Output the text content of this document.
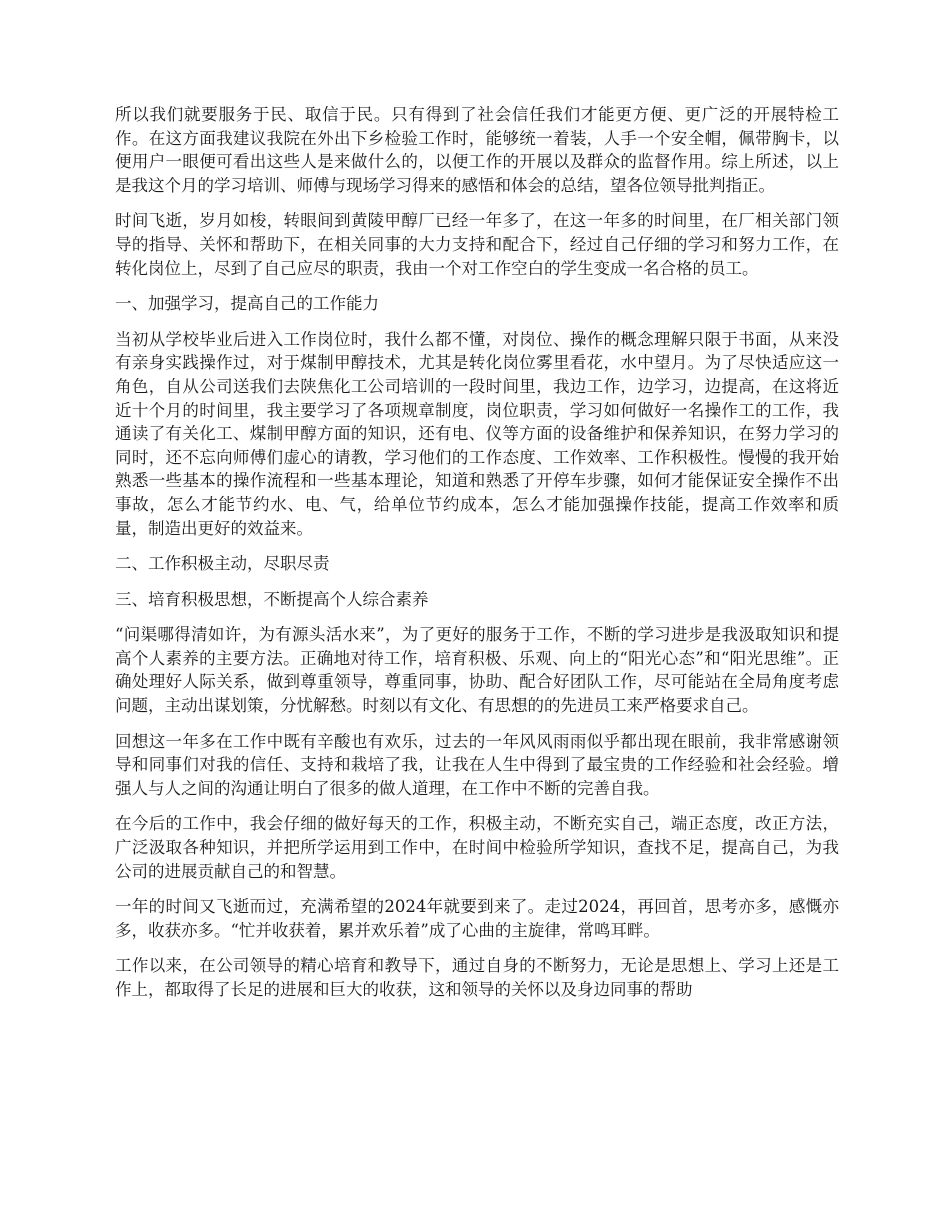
所以我们就要服务于民、取信于民。只有得到了社会信任我们才能更方便、更广泛的开展特检工作。在这方面我建议我院在外出下乡检验工作时，能够统一着装，人手一个安全帽，佩带胸卡，以便用户一眼便可看出这些人是来做什么的，以便工作的开展以及群众的监督作用。综上所述，以上是我这个月的学习培训、师傅与现场学习得来的感悟和体会的总结，望各位领导批判指正。

时间飞逝，岁月如梭，转眼间到黄陵甲醇厂已经一年多了，在这一年多的时间里，在厂相关部门领导的指导、关怀和帮助下，在相关同事的大力支持和配合下，经过自己仔细的学习和努力工作，在转化岗位上，尽到了自己应尽的职责，我由一个对工作空白的学生变成一名合格的员工。

一、加强学习，提高自己的工作能力

当初从学校毕业后进入工作岗位时，我什么都不懂，对岗位、操作的概念理解只限于书面，从来没有亲身实践操作过，对于煤制甲醇技术，尤其是转化岗位雾里看花，水中望月。为了尽快适应这一角色，自从公司送我们去陕焦化工公司培训的一段时间里，我边工作，边学习，边提高，在这将近近十个月的时间里，我主要学习了各项规章制度，岗位职责，学习如何做好一名操作工的工作，我通读了有关化工、煤制甲醇方面的知识，还有电、仪等方面的设备维护和保养知识，在努力学习的同时，还不忘向师傅们虚心的请教，学习他们的工作态度、工作效率、工作积极性。慢慢的我开始熟悉一些基本的操作流程和一些基本理论，知道和熟悉了开停车步骤，如何才能保证安全操作不出事故，怎么才能节约水、电、气，给单位节约成本，怎么才能加强操作技能，提高工作效率和质量，制造出更好的效益来。

二、工作积极主动，尽职尽责

三、培育积极思想，不断提高个人综合素养

“问渠哪得清如许，为有源头活水来”，为了更好的服务于工作，不断的学习进步是我汲取知识和提高个人素养的主要方法。正确地对待工作，培育积极、乐观、向上的“阳光心态”和“阳光思维”。正确处理好人际关系，做到尊重领导，尊重同事，协助、配合好团队工作，尽可能站在全局角度考虑问题，主动出谋划策，分忧解愁。时刻以有文化、有思想的的先进员工来严格要求自己。

回想这一年多在工作中既有辛酸也有欢乐，过去的一年风风雨雨似乎都出现在眼前，我非常感谢领导和同事们对我的信任、支持和栽培了我，让我在人生中得到了最宝贵的工作经验和社会经验。增强人与人之间的沟通让明白了很多的做人道理，在工作中不断的完善自我。

在今后的工作中，我会仔细的做好每天的工作，积极主动，不断充实自己，端正态度，改正方法，广泛汲取各种知识，并把所学运用到工作中，在时间中检验所学知识，查找不足，提高自己，为我公司的进展贡献自己的和智慧。

一年的时间又飞逝而过，充满希望的2024年就要到来了。走过2024，再回首，思考亦多，感慨亦多，收获亦多。“忙并收获着，累并欢乐着”成了心曲的主旋律，常鸣耳畔。

工作以来，在公司领导的精心培育和教导下，通过自身的不断努力，无论是思想上、学习上还是工作上，都取得了长足的进展和巨大的收获，这和领导的关怀以及身边同事的帮助
